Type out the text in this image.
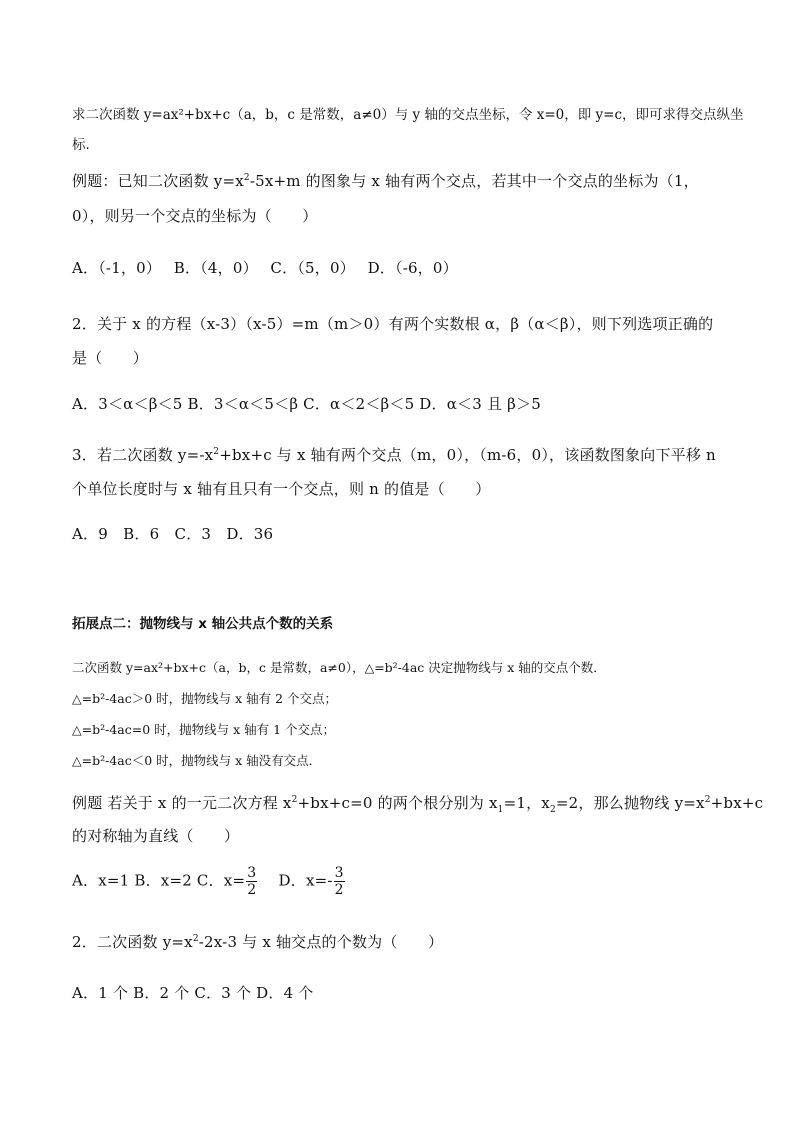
求二次函数 y=ax²+bx+c（a，b，c 是常数，a≠0）与 y 轴的交点坐标，令 x=0，即 y=c，即可求得交点纵坐
标．
例题：已知二次函数 $y=x^2-5x+m$ 的图象与 x 轴有两个交点，若其中一个交点的坐标为（1，
0），则另一个交点的坐标为（　　）
A．（-1，0）　 B．（4，0）　 C．（5，0）　 D．（-6，0）
2．关于 x 的方程（x-3）（x-5）=m（m＞0）有两个实数根 α，β（α＜β），则下列选项正确的
是（　　）
A．3＜α＜β＜5 B．3＜α＜5＜β C．α＜2＜β＜5 D．α＜3 且 β＞5
3．若二次函数 $y=-x^2+bx+c$ 与 x 轴有两个交点（m，0），（m-6，0），该函数图象向下平移 n
个单位长度时与 x 轴有且只有一个交点，则 n 的值是（　　）
A．9　B．6　C．3　D．36
拓展点二：抛物线与 x 轴公共点个数的关系
二次函数 y=ax²+bx+c（a，b，c 是常数，a≠0），△=b²-4ac 决定抛物线与 x 轴的交点个数．
△=b²-4ac＞0 时，抛物线与 x 轴有 2 个交点；
△=b²-4ac=0 时，抛物线与 x 轴有 1 个交点；
△=b²-4ac＜0 时，抛物线与 x 轴没有交点．
例题 若关于 x 的一元二次方程 $x^2+bx+c=0$ 的两个根分别为 $x_1=1$，$x_2=2$，那么抛物线 $y=x^2+bx+c$
的对称轴为直线（　　）
A．x=1 B．x=2 C．$x= \frac{3}{2}$ 　 D．$x=- \frac{3}{2}$
2．二次函数 $y=x^2-2x-3$ 与 x 轴交点的个数为（　　）
A．1 个 B．2 个 C．3 个 D．4 个
